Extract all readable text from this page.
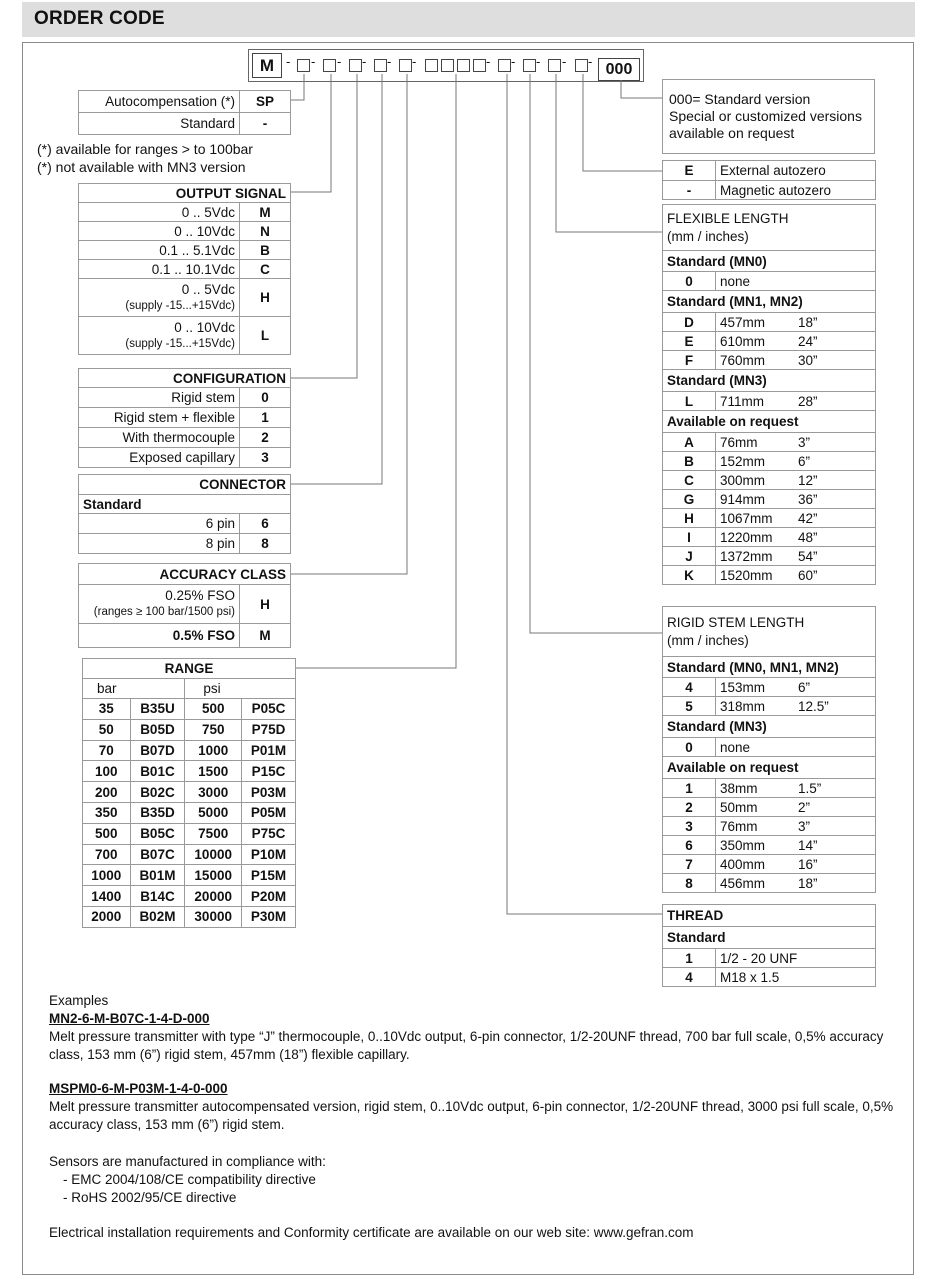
ORDER CODE
M	000
- - - - - -	- - - - -
Autocompensation (*)	SP
Standard	-
(*) available for ranges > to 100bar
(*) not available with MN3 version
OUTPUT SIGNAL	
0 .. 5Vdc	M
0 .. 10Vdc	N
0.1 .. 5.1Vdc	B
0.1 .. 10.1Vdc	C

0 .. 5Vdc
(supply -15...+15Vdc)	H

0 .. 10Vdc
(supply -15...+15Vdc)	L
CONFIGURATION	
Rigid stem	0
Rigid stem + flexible	1
With thermocouple	2
Exposed capillary	3
CONNECTOR	
Standard	
6 pin	6
8 pin	8
ACCURACY CLASS	

0.25% FSO
(ranges ≥ 100 bar/1500 psi)	H
0.5% FSO	M
RANGE			
bar		psi	
35	B35U	500	P05C
50	B05D	750	P75D
70	B07D	1000	P01M
100	B01C	1500	P15C
200	B02C	3000	P03M
350	B35D	5000	P05M
500	B05C	7500	P75C
700	B07C	10000	P10M
1000	B01M	15000	P15M
1400	B14C	20000	P20M
2000	B02M	30000	P30M
000= Standard version
Special or customized versions
available on request
E	External autozero
-	Magnetic autozero
FLEXIBLE LENGTH
(mm / inches)		

Standard (MN0)		
0	none	
Standard (MN1, MN2)		
D	457mm	18”
E	610mm	24”
F	760mm	30”
Standard (MN3)		
L	711mm	28”
Available on request		
A	76mm	3”
B	152mm	6”
C	300mm	12”
G	914mm	36”
H	1067mm	42”
I	1220mm	48”
J	1372mm	54”
K	1520mm	60”
RIGID STEM LENGTH
(mm / inches)		

Standard (MN0, MN1, MN2)		
4	153mm	6”
5	318mm	12.5”
Standard (MN3)		
0	none	
Available on request		
1	38mm	1.5”
2	50mm	2”
3	76mm	3”
6	350mm	14”
7	400mm	16”
8	456mm	18”
THREAD	
Standard	
1	1/2 - 20 UNF
4	M18 x 1.5
Examples
MN2-6-M-B07C-1-4-D-000
Melt pressure transmitter with type “J” thermocouple, 0..10Vdc output, 6-pin connector, 1/2-20UNF thread, 700 bar full scale, 0,5% accuracy class, 153 mm (6”) rigid stem, 457mm (18”) flexible capillary.
MSPM0-6-M-P03M-1-4-0-000
Melt pressure transmitter autocompensated version, rigid stem, 0..10Vdc output, 6-pin connector, 1/2-20UNF thread, 3000 psi full scale, 0,5% accuracy class, 153 mm (6”) rigid stem.
Sensors are manufactured in compliance with:
- EMC 2004/108/CE compatibility directive
- RoHS 2002/95/CE directive
Electrical installation requirements and Conformity certificate are available on our web site: www.gefran.com
